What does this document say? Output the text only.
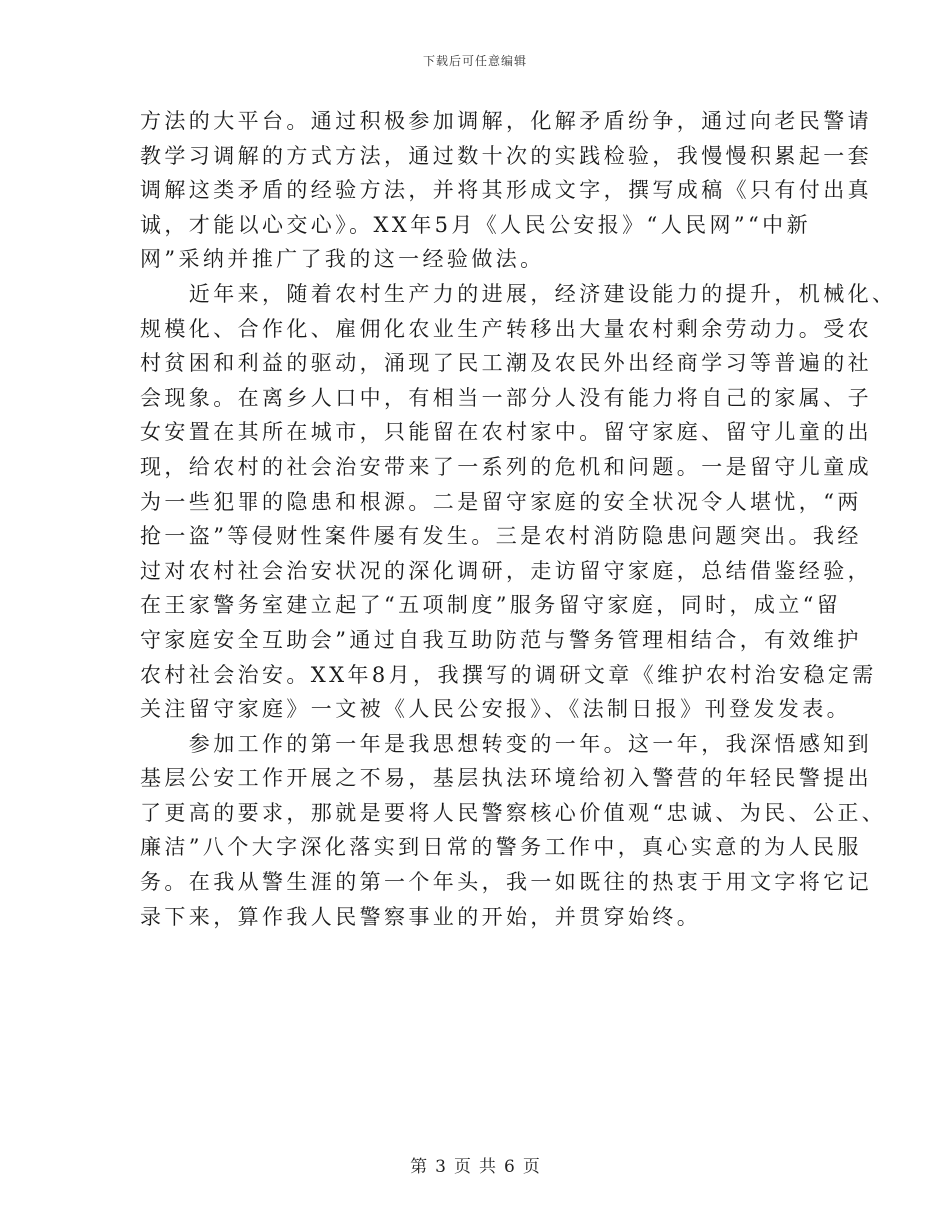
下载后可任意编辑
方法的大平台。通过积极参加调解，化解矛盾纷争，通过向老民警请
教学习调解的方式方法，通过数十次的实践检验，我慢慢积累起一套
调解这类矛盾的经验方法，并将其形成文字，撰写成稿《只有付出真
诚，才能以心交心》。XX年5月《人民公安报》“人民网”“中新
网”采纳并推广了我的这一经验做法。
　　近年来，随着农村生产力的进展，经济建设能力的提升，机械化、
规模化、合作化、雇佣化农业生产转移出大量农村剩余劳动力。受农
村贫困和利益的驱动，涌现了民工潮及农民外出经商学习等普遍的社
会现象。在离乡人口中，有相当一部分人没有能力将自己的家属、子
女安置在其所在城市，只能留在农村家中。留守家庭、留守儿童的出
现，给农村的社会治安带来了一系列的危机和问题。一是留守儿童成
为一些犯罪的隐患和根源。二是留守家庭的安全状况令人堪忧，“两
抢一盗”等侵财性案件屡有发生。三是农村消防隐患问题突出。我经
过对农村社会治安状况的深化调研，走访留守家庭，总结借鉴经验，
在王家警务室建立起了“五项制度”服务留守家庭，同时，成立“留
守家庭安全互助会”通过自我互助防范与警务管理相结合，有效维护
农村社会治安。XX年8月，我撰写的调研文章《维护农村治安稳定需
关注留守家庭》一文被《人民公安报》、《法制日报》刊登发发表。
　　参加工作的第一年是我思想转变的一年。这一年，我深悟感知到
基层公安工作开展之不易，基层执法环境给初入警营的年轻民警提出
了更高的要求，那就是要将人民警察核心价值观“忠诚、为民、公正、
廉洁”八个大字深化落实到日常的警务工作中，真心实意的为人民服
务。在我从警生涯的第一个年头，我一如既往的热衷于用文字将它记
录下来，算作我人民警察事业的开始，并贯穿始终。
第 3 页 共 6 页
